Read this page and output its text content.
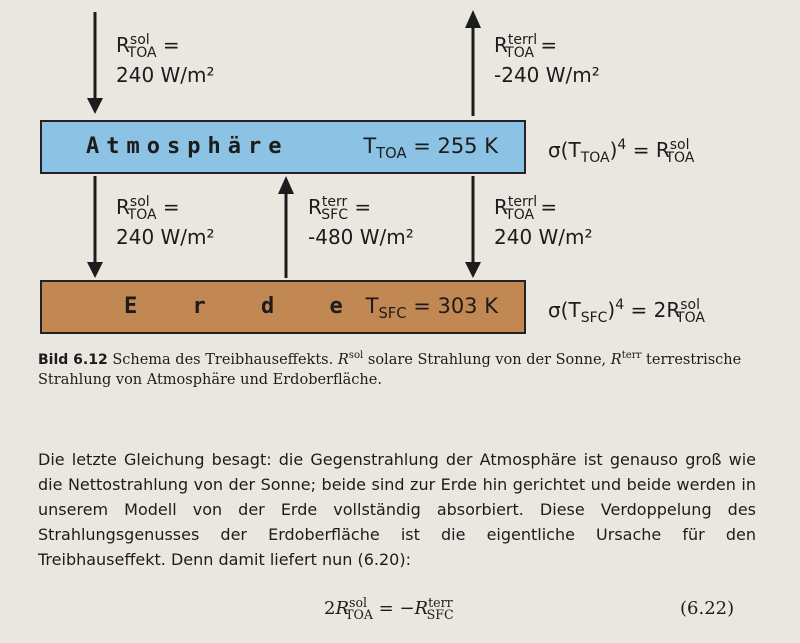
$R^{sol}_{TOA}$ =
240 W/m²
$R^{terrl}_{TOA}$ =
-240 W/m²
Atmosphäre	$T_{TOA} = 255$ K	$\sigma(T_{TOA})^4 = R^{sol}_{TOA}$
$R^{sol}_{TOA}$ =
240 W/m²
$R^{terr}_{SFC}$ =
-480 W/m²
$R^{terrl}_{TOA}$ =
240 W/m²
E r d e $T_{SFC} = 303$ K	$\sigma(T_{SFC})^4 = 2R^{sol}_{TOA}$
Bild 6.12 Schema des Treibhauseffekts. $R^{sol}$ solare Strahlung von der Sonne, $R^{terr}$ terrestrische Strahlung von Atmosphäre und Erdoberfläche.
Die letzte Gleichung besagt: die Gegenstrahlung der Atmosphäre ist genauso groß wie die Nettostrahlung von der Sonne; beide sind zur Erde hin gerichtet und beide werden in unserem Modell von der Erde vollständig absorbiert. Diese Verdoppelung des Strahlungsgenusses der Erdoberfläche ist die eigentliche Ursache für den Treibhauseffekt. Denn damit liefert nun (6.20):
$2R^{sol}_{TOA} = -R^{terr}_{SFC}$	(6.22)
